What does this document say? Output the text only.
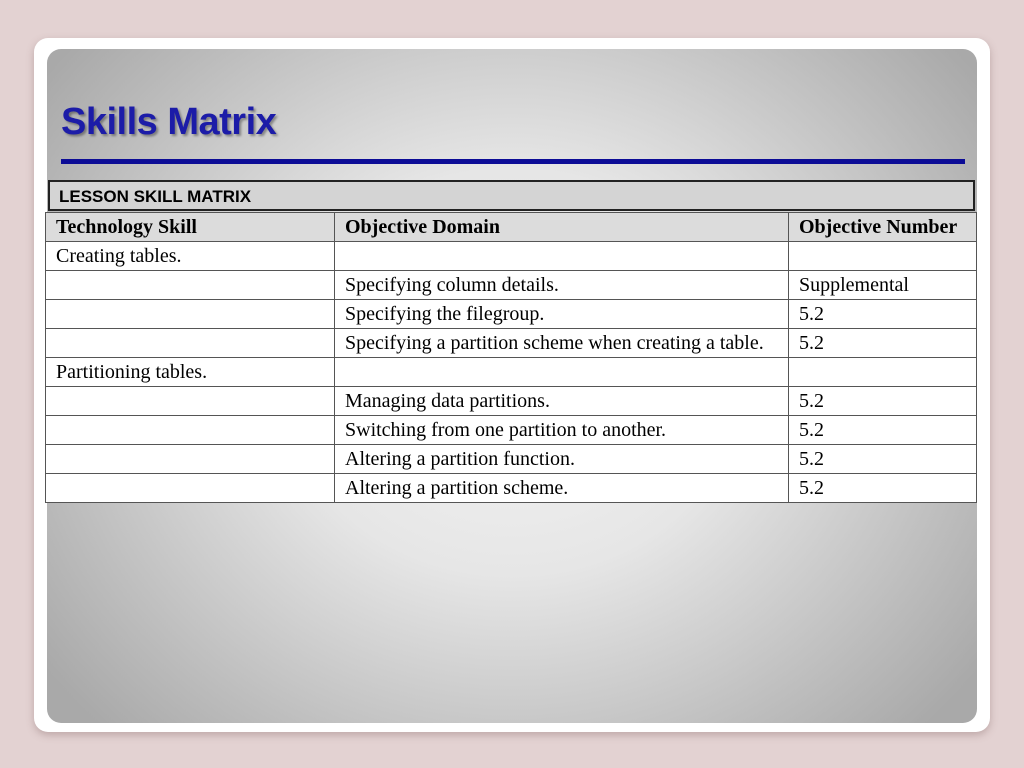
Skills Matrix
LESSON SKILL MATRIX
Technology Skill	Objective Domain	Objective Number
Creating tables.		
	Specifying column details.	Supplemental
	Specifying the filegroup.	5.2
	Specifying a partition scheme when creating a table.	5.2
Partitioning tables.		
	Managing data partitions.	5.2
	Switching from one partition to another.	5.2
	Altering a partition function.	5.2
	Altering a partition scheme.	5.2
